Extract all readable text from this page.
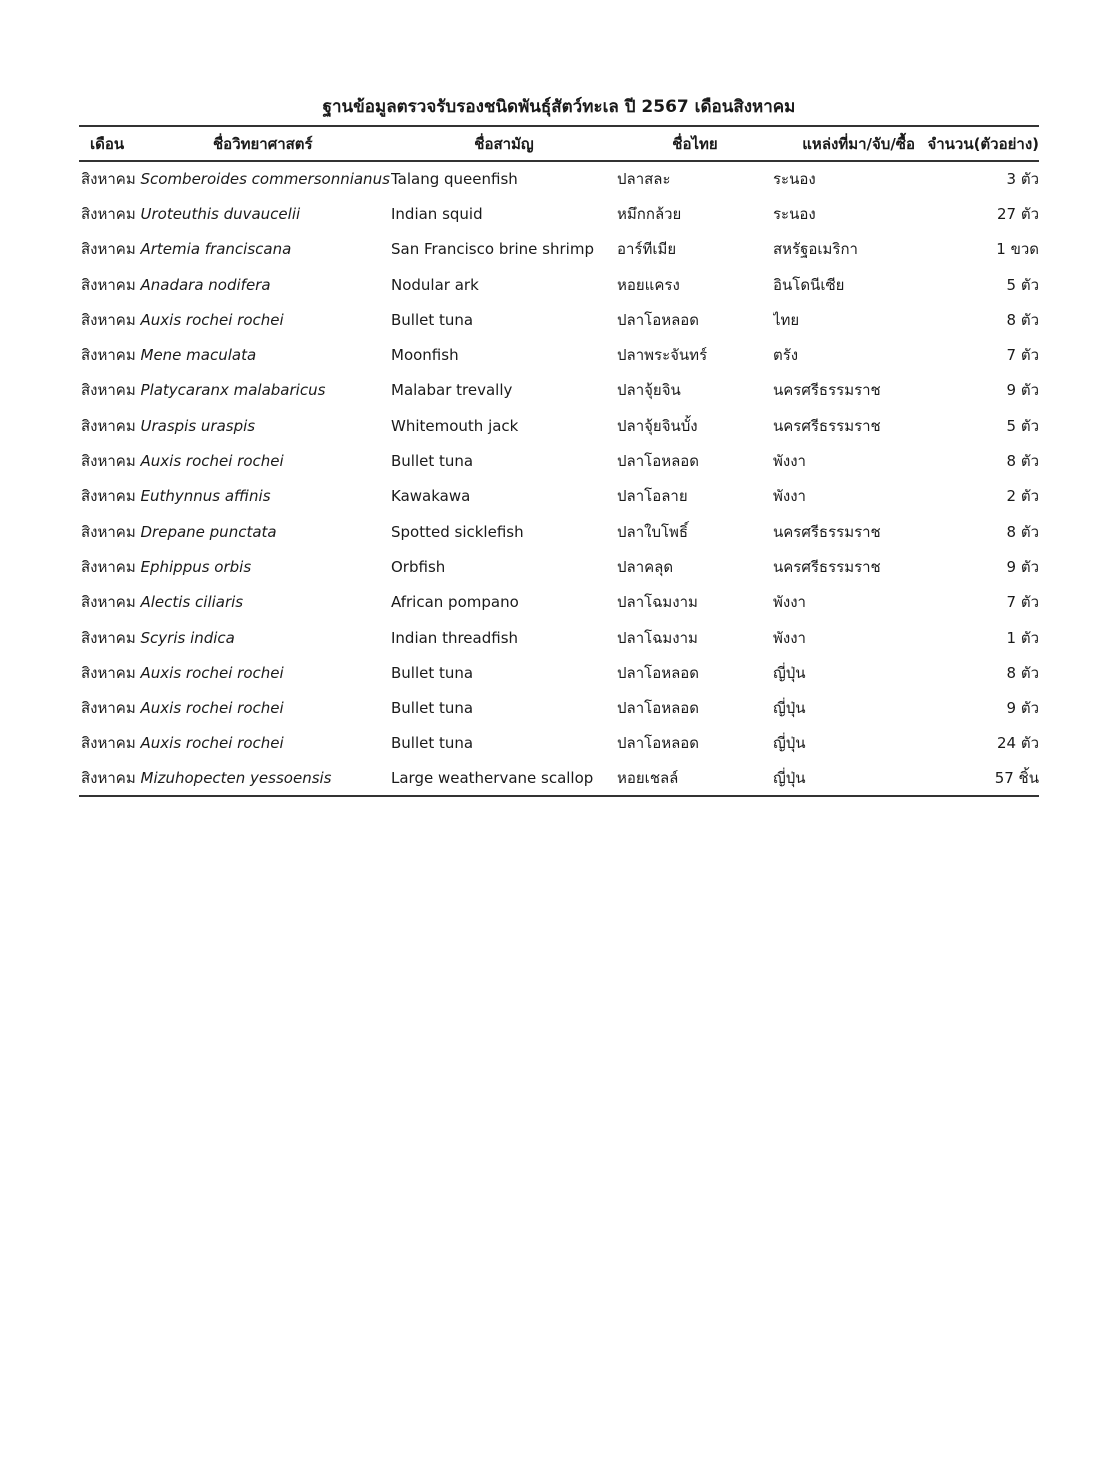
ฐานข้อมูลตรวจรับรองชนิดพันธุ์สัตว์ทะเล ปี 2567 เดือนสิงหาคม
เดือน ชื่อวิทยาศาสตร์	ชื่อสามัญ	ชื่อไทย	แหล่งที่มา/จับ/ซื้อ	จำนวน(ตัวอย่าง)
สิงหาคม Scomberoides commersonnianus	Talang queenfish	ปลาสละ	ระนอง	3 ตัว
สิงหาคม Uroteuthis duvaucelii	Indian squid	หมึกกล้วย	ระนอง	27 ตัว
สิงหาคม Artemia franciscana	San Francisco brine shrimp	อาร์ทีเมีย	สหรัฐอเมริกา	1 ขวด
สิงหาคม Anadara nodifera	Nodular ark	หอยแครง	อินโดนีเซีย	5 ตัว
สิงหาคม Auxis rochei rochei	Bullet tuna	ปลาโอหลอด	ไทย	8 ตัว
สิงหาคม Mene maculata	Moonfish	ปลาพระจันทร์	ตรัง	7 ตัว
สิงหาคม Platycaranx malabaricus	Malabar trevally	ปลาจุ้ยจิน	นครศรีธรรมราช	9 ตัว
สิงหาคม Uraspis uraspis	Whitemouth jack	ปลาจุ้ยจินบั้ง	นครศรีธรรมราช	5 ตัว
สิงหาคม Auxis rochei rochei	Bullet tuna	ปลาโอหลอด	พังงา	8 ตัว
สิงหาคม Euthynnus affinis	Kawakawa	ปลาโอลาย	พังงา	2 ตัว
สิงหาคม Drepane punctata	Spotted sicklefish	ปลาใบโพธิ์	นครศรีธรรมราช	8 ตัว
สิงหาคม Ephippus orbis	Orbfish	ปลาคลุด	นครศรีธรรมราช	9 ตัว
สิงหาคม Alectis ciliaris	African pompano	ปลาโฉมงาม	พังงา	7 ตัว
สิงหาคม Scyris indica	Indian threadfish	ปลาโฉมงาม	พังงา	1 ตัว
สิงหาคม Auxis rochei rochei	Bullet tuna	ปลาโอหลอด	ญี่ปุ่น	8 ตัว
สิงหาคม Auxis rochei rochei	Bullet tuna	ปลาโอหลอด	ญี่ปุ่น	9 ตัว
สิงหาคม Auxis rochei rochei	Bullet tuna	ปลาโอหลอด	ญี่ปุ่น	24 ตัว
สิงหาคม Mizuhopecten yessoensis	Large weathervane scallop	หอยเชลล์	ญี่ปุ่น	57 ชิ้น
